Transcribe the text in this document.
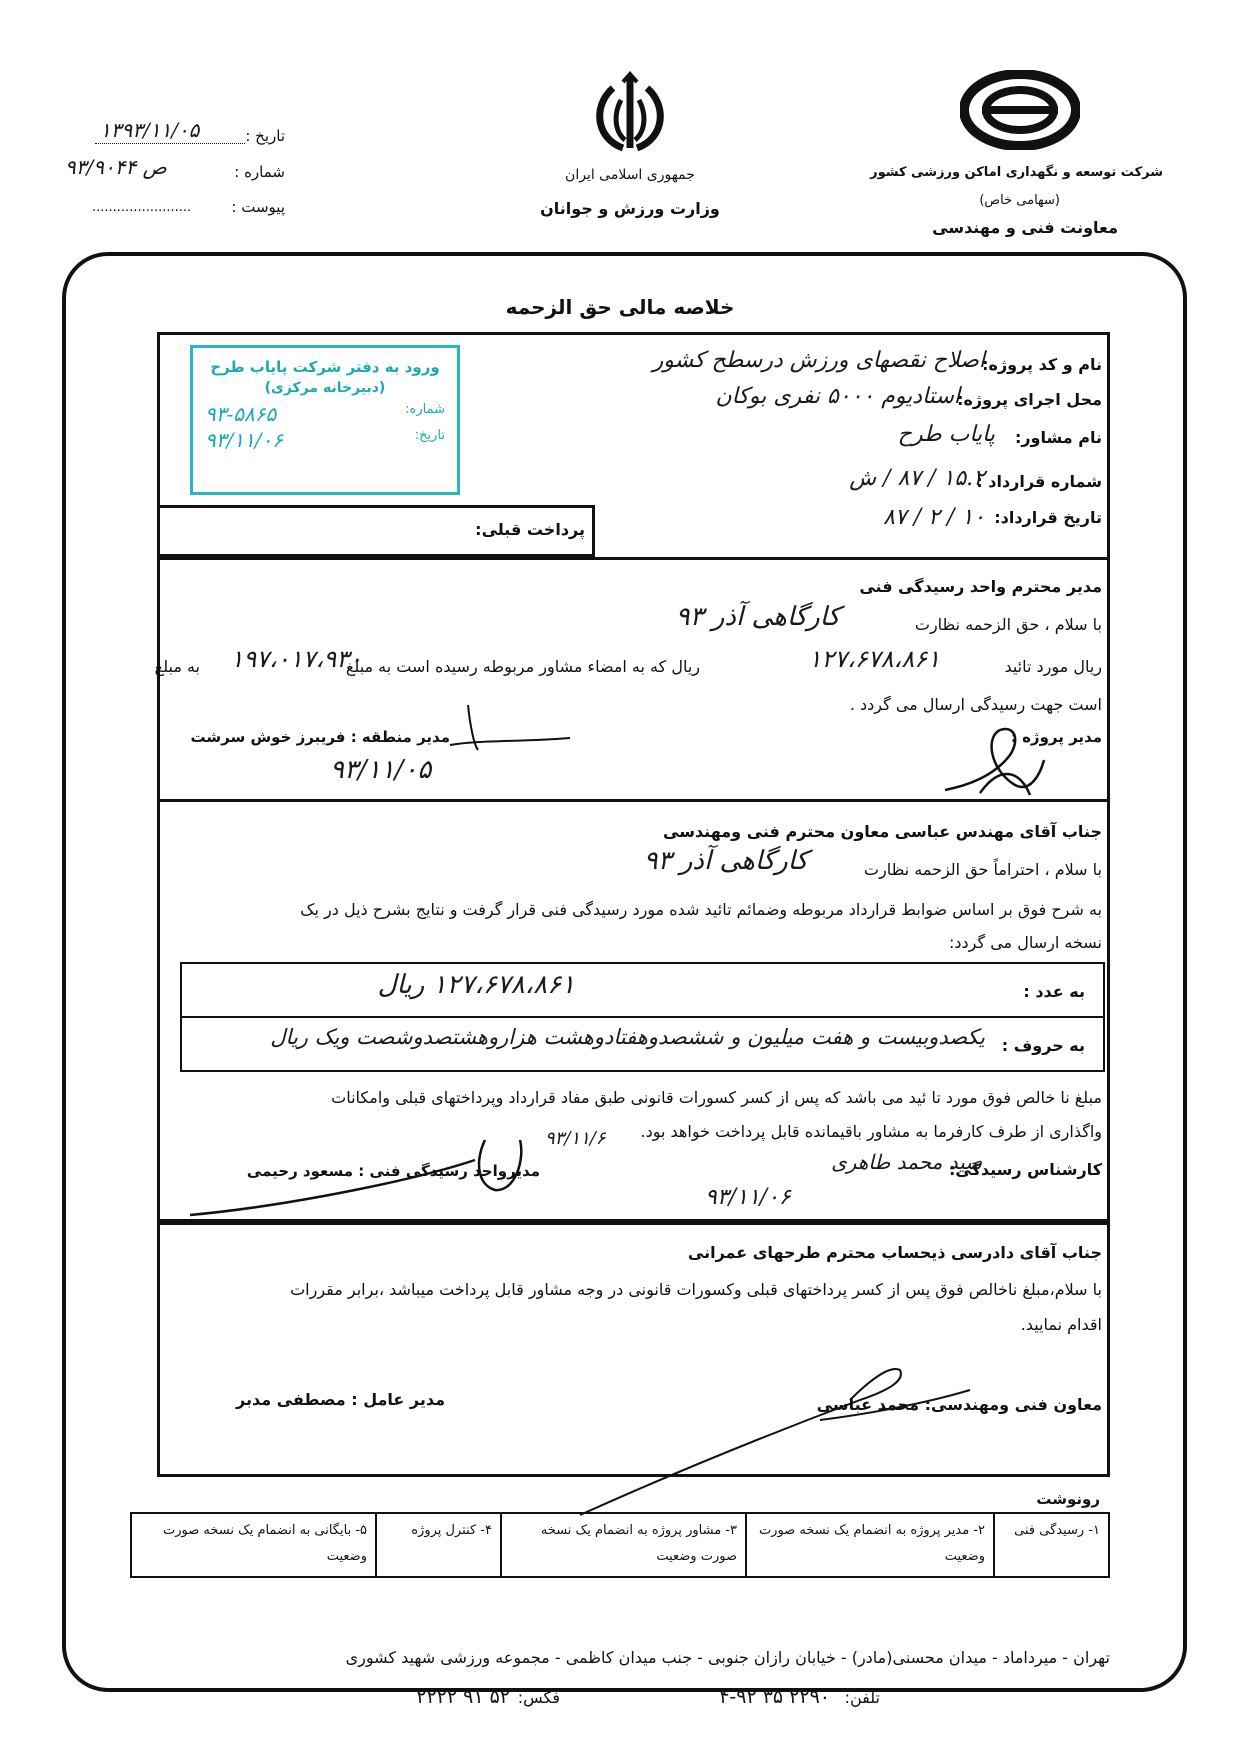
شرکت توسعه و نگهداری اماکن ورزشی کشور
(سهامی خاص)
معاونت فنی و مهندسی
جمهوری اسلامی ایران
وزارت ورزش و جوانان
تاریخ :
۱۳۹۳/۱۱/۰۵
شماره :
۹۳/۹۰۴۴ ص
پیوست :
........................
خلاصه مالی حق الزحمه
نام و کد پروژه:
اصلاح نقصهای ورزش درسطح کشور
محل اجرای پروژه:
استادیوم ۵۰۰۰ نفری بوکان
نام مشاور:
پایاب طرح
شماره قرارداد :
۱۵.۲ / ۸۷ / ش
تاریخ قرارداد:
۱۰ / ۲ / ۸۷
پرداخت قبلی:
ورود به دفتر شرکت پایاب طرح
(دبیرخانه مرکزی)
شماره:
۹۳-۵۸۶۵
تاریخ:
۹۳/۱۱/۰۶
مدیر محترم واحد رسیدگی فنی
با سلام ، حق الزحمه نظارت
کارگاهی آذر ۹۳
به مبلغ ۱۹۷،۰۱۷،۹۳۰
ریال که به امضاء مشاور مربوطه رسیده است به مبلغ	۱۲۷،۶۷۸،۸۶۱	ریال مورد تائید
است جهت رسیدگی ارسال می گردد .
مدیر منطقه : فریبرز خوش سرشت	مدیر پروژه :
۹۳/۱۱/۰۵
جناب آقای مهندس عباسی معاون محترم فنی ومهندسی
با سلام ، احتراماً حق الزحمه نظارت
کارگاهی آذر ۹۳
به شرح فوق بر اساس ضوابط قرارداد مربوطه وضمائم تائید شده مورد رسیدگی فنی قرار گرفت و نتایج بشرح ذیل در یک
نسخه ارسال می گردد:
به عدد :
۱۲۷،۶۷۸،۸۶۱ ریال
به حروف :
یکصدوبیست و هفت میلیون و ششصدوهفتادوهشت هزاروهشتصدوشصت ویک ریال
مبلغ نا خالص فوق مورد تا ئید می باشد که پس از کسر کسورات قانونی طبق مفاد قرارداد وپرداختهای قبلی وامکانات
واگذاری از طرف کارفرما به مشاور باقیمانده قابل پرداخت خواهد بود.
کارشناس رسیدگی:
سید محمد طاهری
۹۳/۱۱/۰۶
مدیرواحد رسیدگی فنی : مسعود رحیمی
۹۳/۱۱/۶
جناب آقای دادرسی ذیحساب محترم طرحهای عمرانی
با سلام،مبلغ ناخالص فوق پس از کسر پرداختهای قبلی وکسورات قانونی در وجه مشاور قابل پرداخت میباشد ،برابر مقررات
اقدام نمایید.
معاون فنی ومهندسی: محمد عباسی
مدیر عامل : مصطفی مدبر
رونوشت
۱- رسیدگی فنی
۲- مدیر پروژه به انضمام یک نسخه صورت وضعیت
۳- مشاور پروژه به انضمام یک نسخه صورت وضعیت
۴- کنترل پروژه
۵- بایگانی به انضمام یک نسخه صورت وضعیت
تهران - میرداماد - میدان محسنی(مادر) - خیابان رازان جنوبی - جنب میدان کاظمی - مجموعه ورزشی شهید کشوری
تلفن:
۴-۹۲ ۳۵ ۲۲۹۰
فکس:
۲۲۲۲ ۹۱ ۵۲
